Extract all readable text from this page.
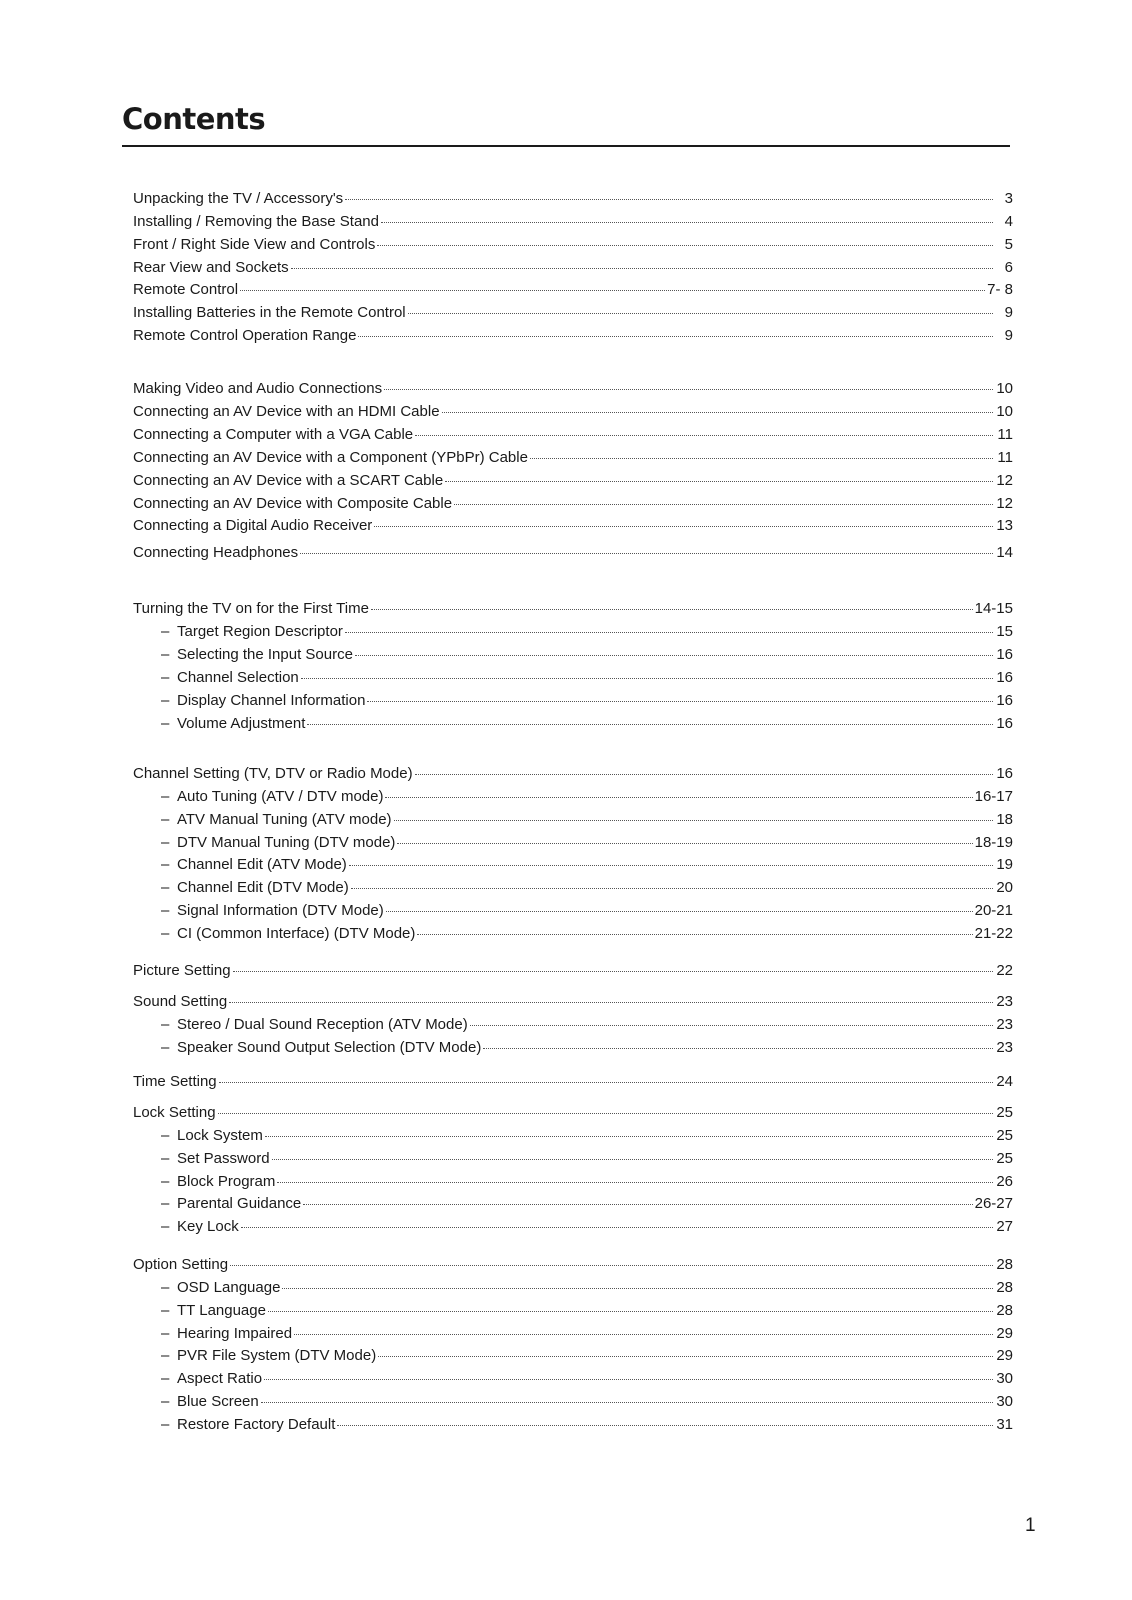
Contents
Unpacking the TV / Accessory's	3
Installing / Removing the Base Stand	4
Front / Right Side View and Controls	5
Rear View and Sockets	6
Remote Control	7- 8
Installing Batteries in the Remote Control	9
Remote Control Operation Range	9
Making Video and Audio Connections	10
Connecting an AV Device with an HDMI Cable	10
Connecting a Computer with a VGA Cable	11
Connecting an AV Device with a Component (YPbPr) Cable	11
Connecting an AV Device with a SCART Cable	12
Connecting an AV Device with Composite Cable	12
Connecting a Digital Audio Receiver	13
Connecting Headphones	14
Turning the TV on for the First Time	14-15
– Target Region Descriptor	15
– Selecting the Input Source	16
– Channel Selection	16
– Display Channel Information	16
– Volume Adjustment	16
Channel Setting (TV, DTV or Radio Mode)	16
– Auto Tuning (ATV / DTV mode)	16-17
– ATV Manual Tuning (ATV mode)	18
– DTV Manual Tuning (DTV mode)	18-19
– Channel Edit (ATV Mode)	19
– Channel Edit (DTV Mode)	20
– Signal Information (DTV Mode)	20-21
– CI (Common Interface) (DTV Mode)	21-22
Picture Setting	22
Sound Setting	23
– Stereo / Dual Sound Reception (ATV Mode)	23
– Speaker Sound Output Selection (DTV Mode)	23
Time Setting	24
Lock Setting	25
– Lock System	25
– Set Password	25
– Block Program	26
– Parental Guidance	26-27
– Key Lock	27
Option Setting	28
– OSD Language	28
– TT Language	28
– Hearing Impaired	29
– PVR File System (DTV Mode)	29
– Aspect Ratio	30
– Blue Screen	30
– Restore Factory Default	31
1
